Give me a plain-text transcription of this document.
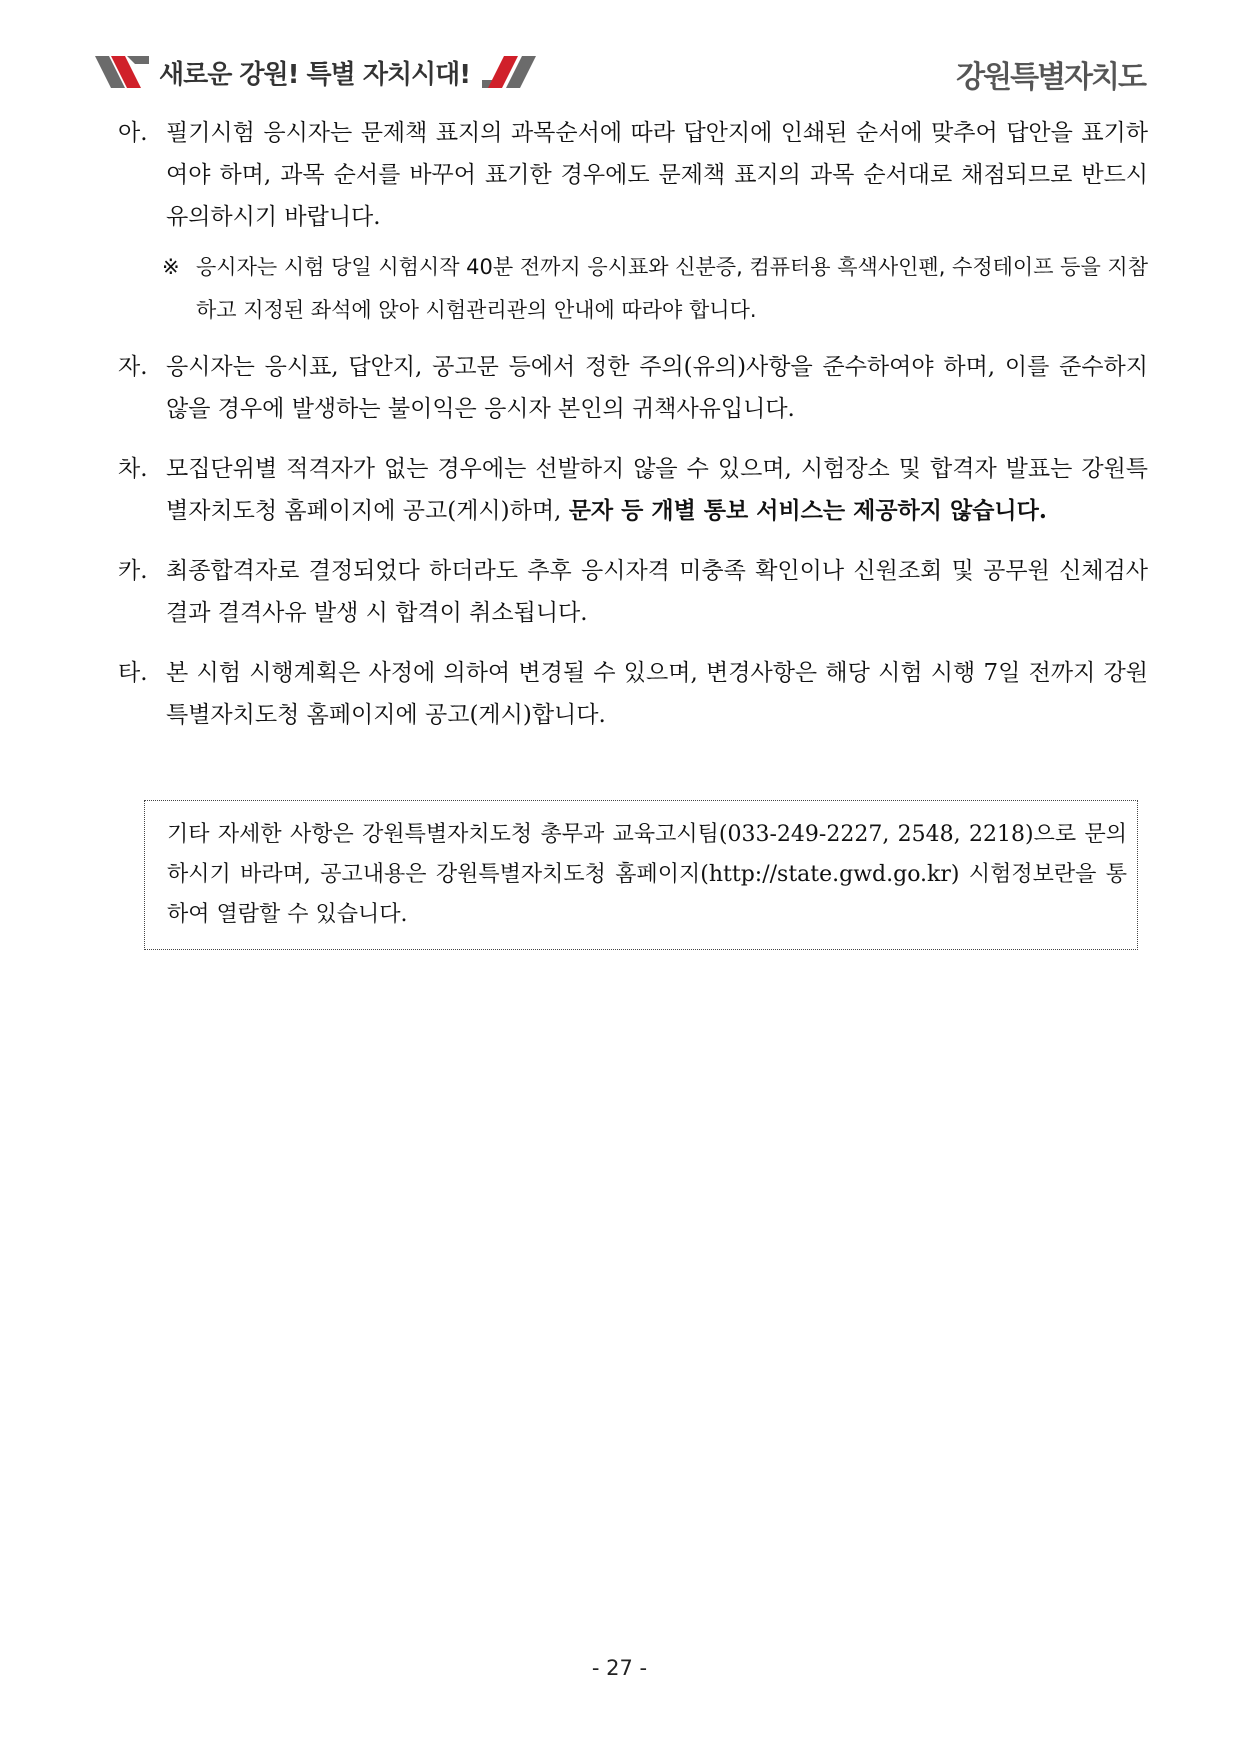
새로운 강원! 특별 자치시대!	강원특별자치도
아. 필기시험 응시자는 문제책 표지의 과목순서에 따라 답안지에 인쇄된 순서에 맞추어 답안을 표기하여야 하며, 과목 순서를 바꾸어 표기한 경우에도 문제책 표지의 과목 순서대로 채점되므로 반드시 유의하시기 바랍니다.
※ 응시자는 시험 당일 시험시작 40분 전까지 응시표와 신분증, 컴퓨터용 흑색사인펜, 수정테이프 등을 지참하고 지정된 좌석에 앉아 시험관리관의 안내에 따라야 합니다.
자. 응시자는 응시표, 답안지, 공고문 등에서 정한 주의(유의)사항을 준수하여야 하며, 이를 준수하지 않을 경우에 발생하는 불이익은 응시자 본인의 귀책사유입니다.
차. 모집단위별 적격자가 없는 경우에는 선발하지 않을 수 있으며, 시험장소 및 합격자 발표는 강원특별자치도청 홈페이지에 공고(게시)하며, 문자 등 개별 통보 서비스는 제공하지 않습니다.
카. 최종합격자로 결정되었다 하더라도 추후 응시자격 미충족 확인이나 신원조회 및 공무원 신체검사 결과 결격사유 발생 시 합격이 취소됩니다.
타. 본 시험 시행계획은 사정에 의하여 변경될 수 있으며, 변경사항은 해당 시험 시행 7일 전까지 강원특별자치도청 홈페이지에 공고(게시)합니다.
기타 자세한 사항은 강원특별자치도청 총무과 교육고시팀(033-249-2227, 2548, 2218)으로 문의하시기 바라며, 공고내용은 강원특별자치도청 홈페이지(http://state.gwd.go.kr) 시험정보란을 통하여 열람할 수 있습니다.
- 27 -
